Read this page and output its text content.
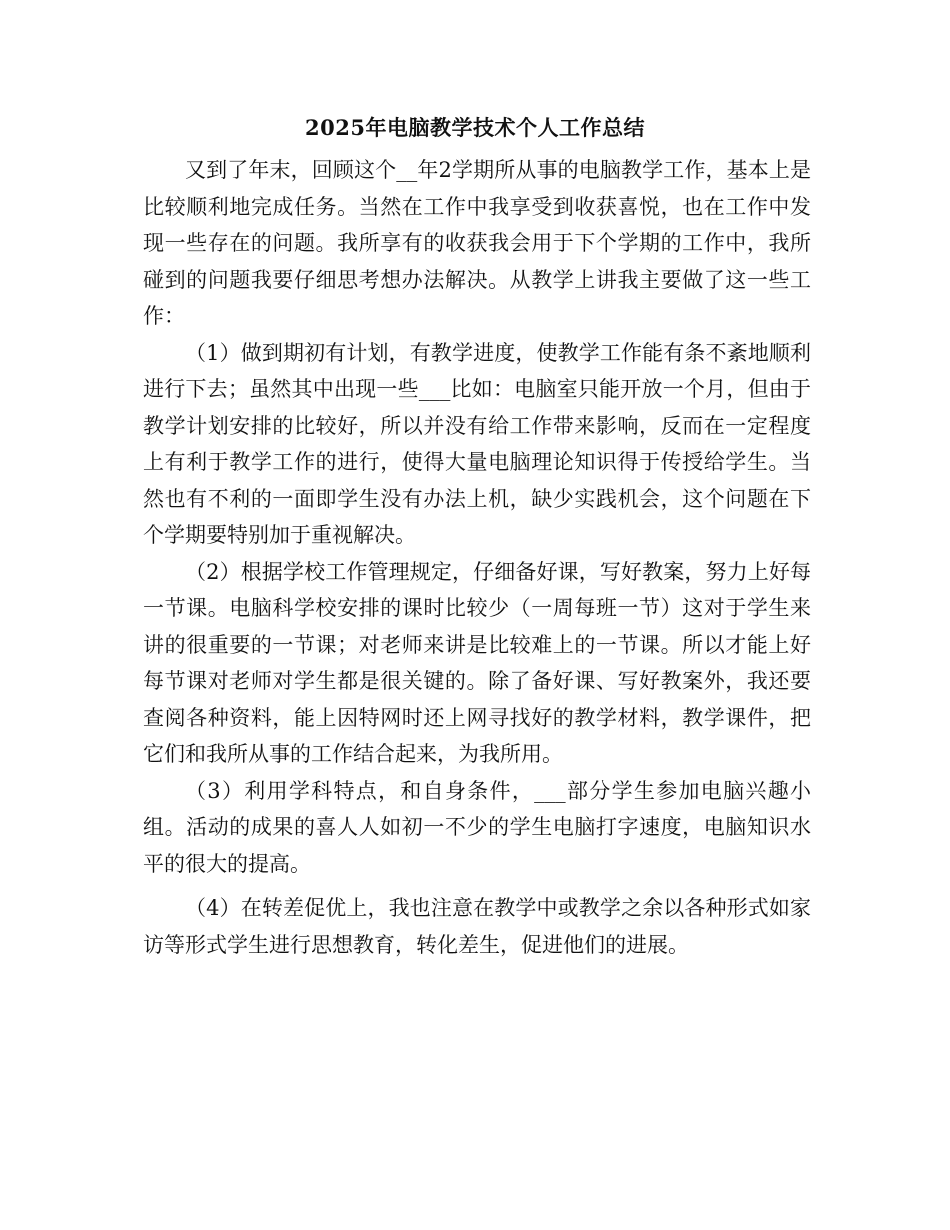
2025年电脑教学技术个人工作总结

又到了年末，回顾这个__年2学期所从事的电脑教学工作，基本上是比较顺利地完成任务。当然在工作中我享受到收获喜悦，也在工作中发现一些存在的问题。我所享有的收获我会用于下个学期的工作中，我所碰到的问题我要仔细思考想办法解决。从教学上讲我主要做了这一些工作：

（1）做到期初有计划，有教学进度，使教学工作能有条不紊地顺利进行下去；虽然其中出现一些___比如：电脑室只能开放一个月，但由于教学计划安排的比较好，所以并没有给工作带来影响，反而在一定程度上有利于教学工作的进行，使得大量电脑理论知识得于传授给学生。当然也有不利的一面即学生没有办法上机，缺少实践机会，这个问题在下个学期要特别加于重视解决。

（2）根据学校工作管理规定，仔细备好课，写好教案，努力上好每一节课。电脑科学校安排的课时比较少（一周每班一节）这对于学生来讲的很重要的一节课；对老师来讲是比较难上的一节课。所以才能上好每节课对老师对学生都是很关键的。除了备好课、写好教案外，我还要查阅各种资料，能上因特网时还上网寻找好的教学材料，教学课件，把它们和我所从事的工作结合起来，为我所用。

（3）利用学科特点，和自身条件，___部分学生参加电脑兴趣小组。活动的成果的喜人人如初一不少的学生电脑打字速度，电脑知识水平的很大的提高。

（4）在转差促优上，我也注意在教学中或教学之余以各种形式如家访等形式学生进行思想教育，转化差生，促进他们的进展。
